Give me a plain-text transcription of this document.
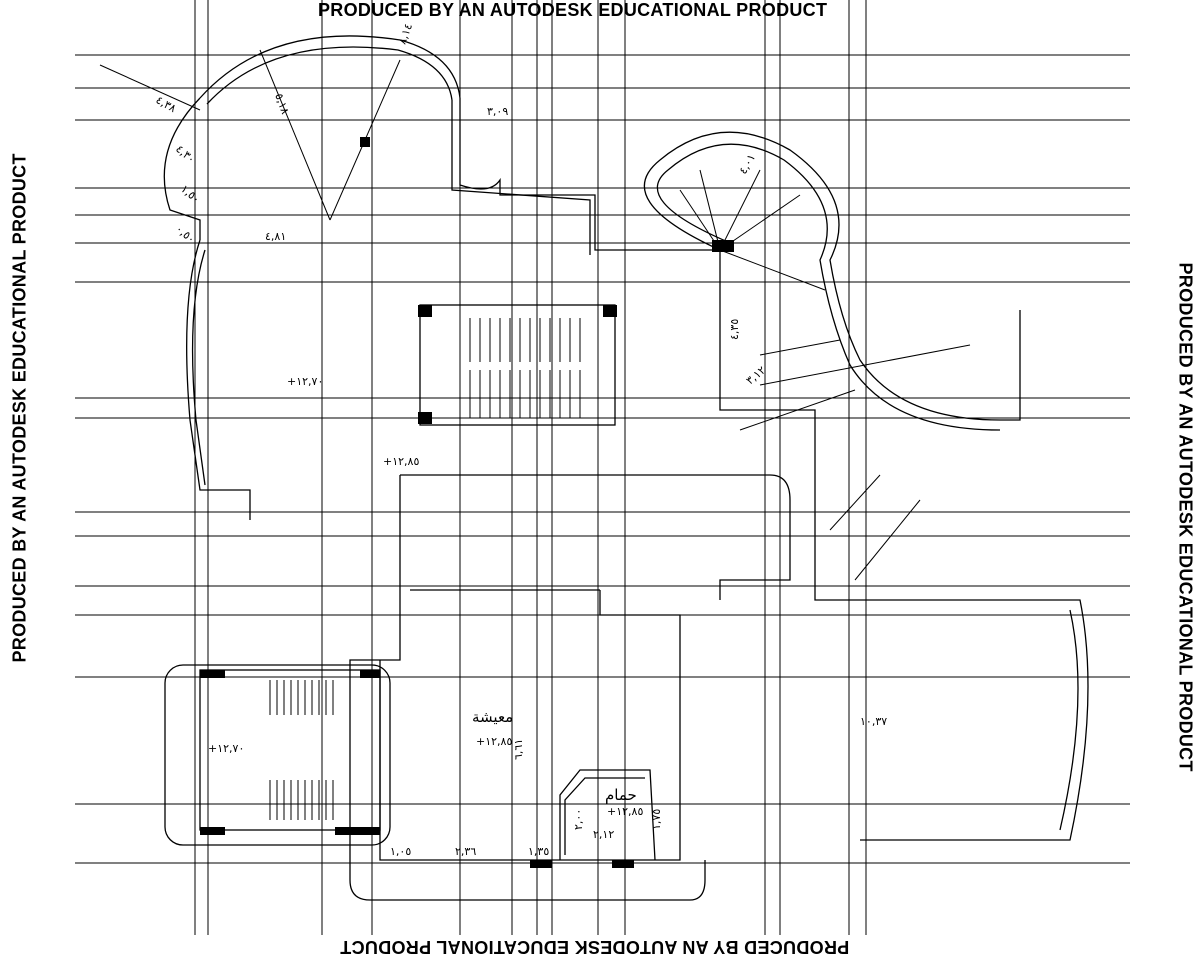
PRODUCED BY AN AUTODESK EDUCATIONAL PRODUCT
PRODUCED BY AN AUTODESK EDUCATIONAL PRODUCT
PRODUCED BY AN AUTODESK EDUCATIONAL PRODUCT	PRODUCED BY AN AUTODESK EDUCATIONAL PRODUCT
٤,٣٨	٥,١٨
٨,١٤
٣,٠٩
٤,٨١
٤,٣٠
١,٥٠
٠,٥٠
٤,٠١
٤,٣٥
٣,١٢
١٠,٣٧
١,٠٥	٢,٣٦	١,٣٥
٦,٦١
٢,٠٠	١,٧٥
٢,١٢
+١٢,٧٠
+١٢,٧٠
+١٢,٨٥
+١٢,٨٥
+١٢,٨٥
معيشة
حمام
